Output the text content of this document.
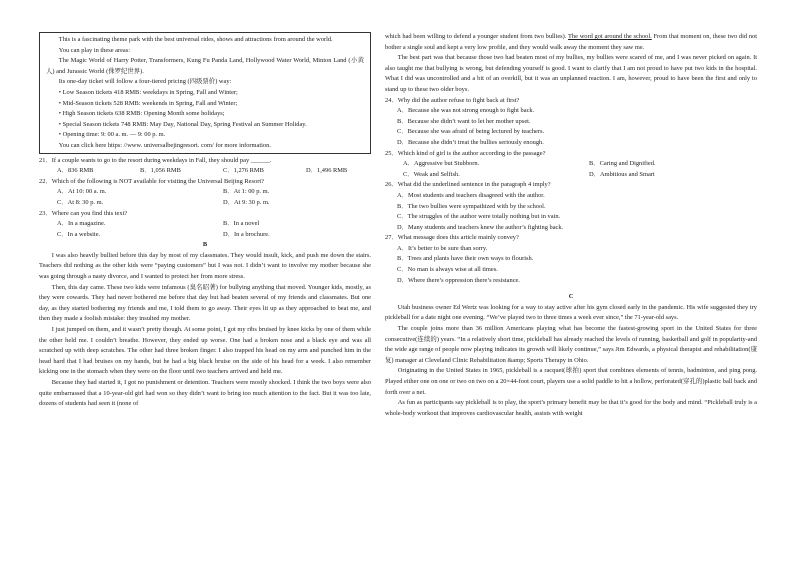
This is a fascinating theme park with the best universal rides, shows and attractions from around the world.

You can play in these areas:

The Magic World of Harry Potter, Transformers, Kung Fu Panda Land, Hollywood Water World, Minion Land (小黄人) and Jurassic World (侏罗纪世界).

Its one-day ticket will follow a four-tiered pricing (四级票价) way:

• Low Season tickets 418 RMB: weekdays in Spring, Fall and Winter;

• Mid-Season tickets 528 RMB: weekends in Spring, Fall and Winter;

• High Season tickets 638 RMB: Opening Month some holidays;

• Special Season tickets 748 RMB: May Day, National Day, Spring Festival an Summer Holiday.

• Opening time: 9: 00 a. m. — 9: 00 p. m.

You can click here https: //www. universalbejingresort. com/ for more information.

21．If a couple wants to go to the resort during weekdays in Fall, they should pay ______.

A．836 RMB	B．1,056 RMB	C．1,276 RMB	D．1,496 RMB

22．Which of the following is NOT available for visiting the Universal Beijing Resort?

A．At 10: 00 a. m.	B．At 1: 00 p. m.
C．At 8: 30 p. m.	D．At 9: 30 p. m.

23．Where can you find this text?

A．In a magazine.	B．In a novel
C．In a website.	D．In a brochure.

B

I was also heavily bullied before this day by most of my classmates. They would insult, kick, and push me down the stairs. Teachers did nothing as the other kids were “paying customers” but I was not. I didn’t want to involve my mother because she was going through a nasty divorce, and I wanted to protect her from more stress.

Then, this day came. These two kids were infamous (臭名昭著) for bullying anything that moved. Younger kids, mostly, as they were cowards. They had never bothered me before that day but had beaten several of my friends and classmates. But one day, as they started bothering my friends and me, I told them to go away. Their eyes lit up as they approached to beat me, and then they made a foolish mistake: they insulted my mother.

I just jumped on them, and it wasn’t pretty though. At some point, I got my ribs bruised by knee kicks by one of them while the other held me. I couldn’t breathe. However, they ended up worse. One had a broken nose and a black eye and was all scratched up with deep scratches. The other had three broken finger. I also trapped his head on my arm and punched him in the head hard that I had bruises on my hands, but he had a big black bruise on the side of his head for a week. I also remember kicking one in the stomach when they were on the floor until two teachers arrived and held me.

Because they had started it, I got no punishment or detention. Teachers were mostly shocked. I think the two boys were also quite embarrassed that a 10-year-old girl had won so they didn’t want to bring too much attention to the fact. But it was too late, dozens of students had seen it (none of

which had been willing to defend a younger student from two bullies). The word got around the school. From that moment on, these two did not bother a single soul and kept a very low profile, and they would walk away the moment they saw me.

The best part was that because those two had beaten most of my bullies, my bullies were scared of me, and I was never picked on again. It also taught me that bullying is wrong, but defending yourself is good. I want to clarify that I am not proud to have put two kids in the hospital. What I did was uncontrolled and a bit of an overkill, but it was an unplanned reaction. I am, however, proud to have been the first and only to stand up to these two older boys.

24．Why did the author refuse to fight back at first?

A．Because she was not strong enough to fight back.

B．Because she didn’t want to let her mother upset.

C．Because she was afraid of being lectured by teachers.

D．Because she didn’t treat the bullies seriously enough.

25．Which kind of girl is the author according to the passage?

A．Aggressive but Stubborn.	B．Caring and Dignified.
C．Weak and Selfish.	D．Ambitious and Smart

26．What did the underlined sentence in the paragraph 4 imply?

A．Most students and teachers disagreed with the author.

B．The two bullies were sympathized with by the school.

C．The struggles of the author were totally nothing but in vain.

D．Many students and teachers knew the author’s fighting back.

27．What message does this article mainly convey?

A．It’s better to be sure than sorry.

B．Trees and plants have their own ways to flourish.

C．No man is always wise at all times.

D．Where there’s oppression there’s resistance.

C

Utah business owner Ed Wertz was looking for a way to stay active after his gym closed early in the pandemic. His wife suggested they try pickleball for a date night one evening. “We’ve played two to three times a week ever since,” the 71-year-old says.

The couple joins more than 36 million Americans playing what has become the fastest-growing sport in the United States for three consecutive(连续的) years. “In a relatively short time, pickleball has already reached the levels of running, basketball and golf in popularity-and the wide age range of people now playing indicates its growth will likely continue,” says Jim Edwards, a physical therapist and rehabilitation(康复) manager at Cleveland Clinic Rehabilitation &amp; Sports Therapy in Ohio.

Originating in the United States in 1965, pickleball is a racquet(球拍) sport that combines elements of tennis, badminton, and ping pong. Played either one on one or two on two on a 20×44-foot court, players use a solid paddle to hit a hollow, perforated(穿孔的)plastic ball back and forth over a net.

As fun as participants say pickleball is to play, the sport’s primary benefit may be that it’s good for the body and mind. “Pickleball truly is a whole-body workout that improves cardiovascular health, assists with weight
